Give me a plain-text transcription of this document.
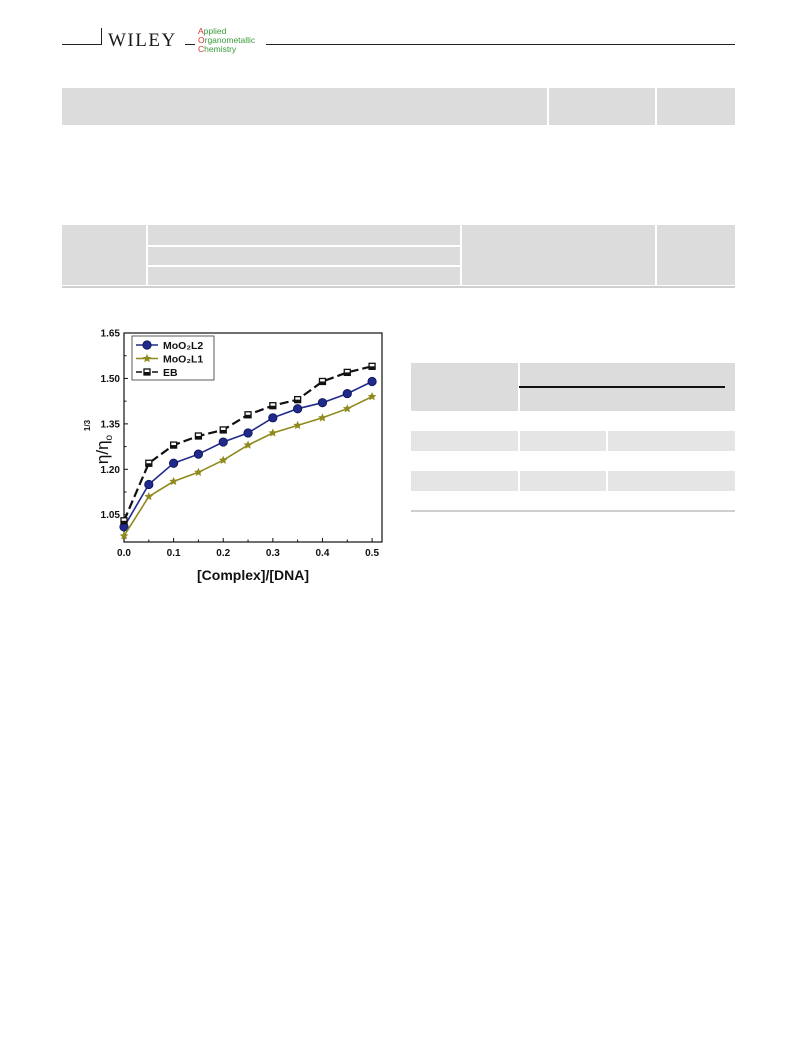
WILEY	Applied
Organometallic
Chemistry
0.0	0.1	0.2	0.3	0.4	0.5
1.05
1.20
1.35
1.50
1.65
[Complex]/[DNA]
$\eta/\eta_o$
1/3
MoO₂L2
MoO₂L1
EB
